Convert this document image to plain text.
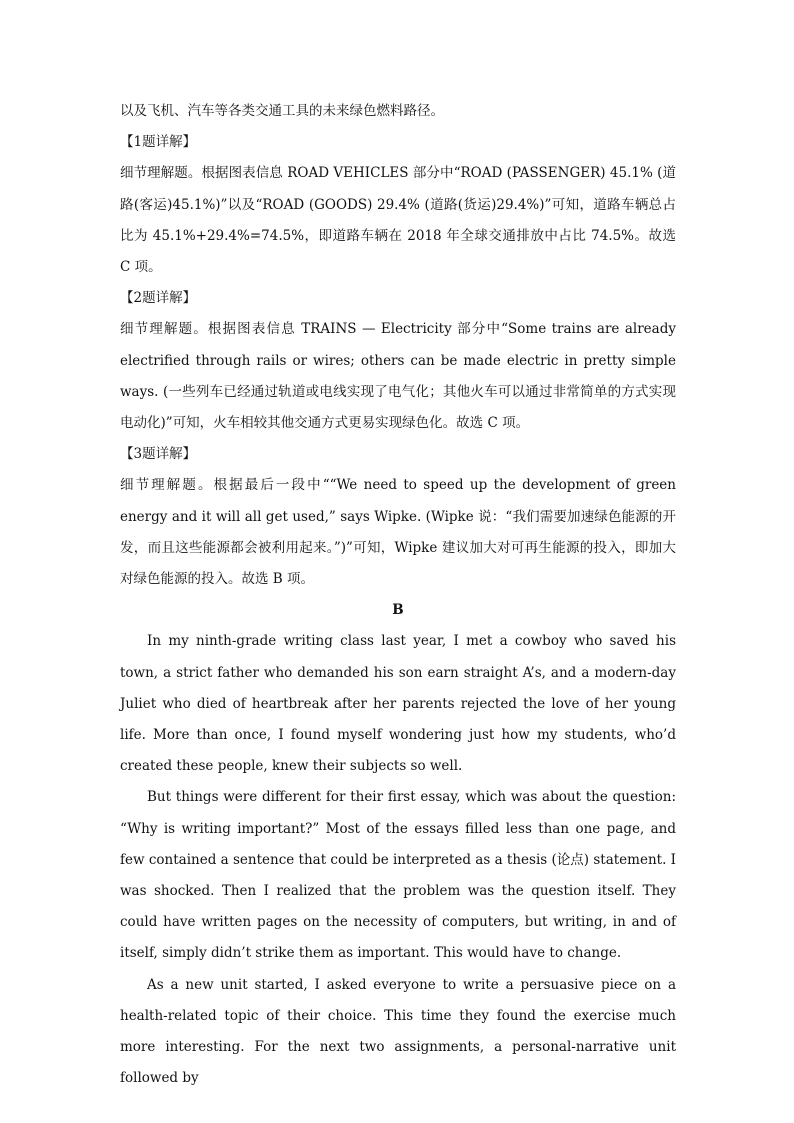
以及飞机、汽车等各类交通工具的未来绿色燃料路径。

【1题详解】

细节理解题。根据图表信息 ROAD VEHICLES 部分中“ROAD (PASSENGER) 45.1% (道路(客运)45.1%)”以及“ROAD (GOODS) 29.4% (道路(货运)29.4%)”可知，道路车辆总占比为 45.1%+29.4%=74.5%，即道路车辆在 2018 年全球交通排放中占比 74.5%。故选 C 项。

【2题详解】

细节理解题。根据图表信息 TRAINS — Electricity 部分中“Some trains are already electrified through rails or wires; others can be made electric in pretty simple ways. (一些列车已经通过轨道或电线实现了电气化；其他火车可以通过非常简单的方式实现电动化)”可知，火车相较其他交通方式更易实现绿色化。故选 C 项。

【3题详解】

细节理解题。根据最后一段中““We need to speed up the development of green energy and it will all get used,” says Wipke. (Wipke 说：“我们需要加速绿色能源的开发，而且这些能源都会被利用起来。”)”可知，Wipke 建议加大对可再生能源的投入，即加大对绿色能源的投入。故选 B 项。

B

In my ninth-grade writing class last year, I met a cowboy who saved his town, a strict father who demanded his son earn straight A’s, and a modern-day Juliet who died of heartbreak after her parents rejected the love of her young life. More than once, I found myself wondering just how my students, who’d created these people, knew their subjects so well.

But things were different for their first essay, which was about the question: “Why is writing important?” Most of the essays filled less than one page, and few contained a sentence that could be interpreted as a thesis (论点) statement. I was shocked. Then I realized that the problem was the question itself. They could have written pages on the necessity of computers, but writing, in and of itself, simply didn’t strike them as important. This would have to change.

As a new unit started, I asked everyone to write a persuasive piece on a health-related topic of their choice. This time they found the exercise much more interesting. For the next two assignments, a personal-narrative unit followed by
